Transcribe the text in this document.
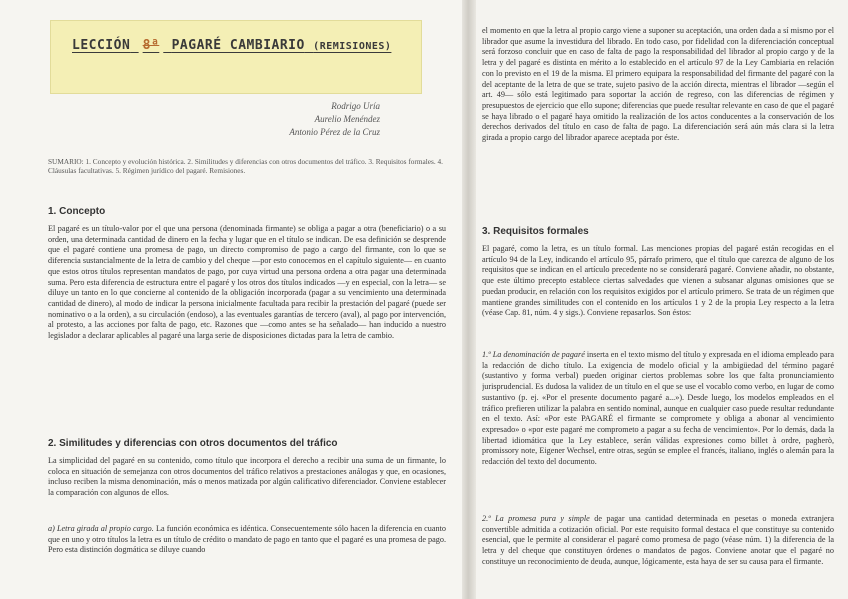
LECCIÓN 8ª PAGARÉ CAMBIARIO (REMISIONES)
Rodrigo Uría
Aurelio Menéndez
Antonio Pérez de la Cruz
SUMARIO: 1. Concepto y evolución histórica. 2. Similitudes y diferencias con otros documentos del tráfico. 3. Requisitos formales. 4. Cláusulas facultativas. 5. Régimen jurídico del pagaré. Remisiones.
1. Concepto
El pagaré es un título-valor por el que una persona (denominada firmante) se obliga a pagar a otra (beneficiario) o a su orden, una determinada cantidad de dinero en la fecha y lugar que en el título se indican. De esa definición se desprende que el pagaré contiene una promesa de pago, un directo compromiso de pago a cargo del firmante, con lo que se diferencia sustancialmente de la letra de cambio y del cheque —por esto conocemos en el capítulo siguiente— en cuanto que estos otros títulos representan mandatos de pago, por cuya virtud una persona ordena a otra pagar una determinada suma. Pero esta diferencia de estructura entre el pagaré y los otros dos títulos indicados —y en especial, con la letra— se diluye un tanto en lo que concierne al contenido de la obligación incorporada (pagar a su vencimiento una determinada cantidad de dinero), al modo de indicar la persona inicialmente facultada para recibir la prestación del pagaré (puede ser nominativo o a la orden), a su circulación (endoso), a las eventuales garantías de tercero (aval), al pago por intervención, al protesto, a las acciones por falta de pago, etc. Razones que —como antes se ha señalado— han inducido a nuestro legislador a declarar aplicables al pagaré una larga serie de disposiciones dictadas para la letra de cambio.
2. Similitudes y diferencias con otros documentos del tráfico
La simplicidad del pagaré en su contenido, como título que incorpora el derecho a recibir una suma de un firmante, lo coloca en situación de semejanza con otros documentos del tráfico relativos a prestaciones análogas y que, en ocasiones, incluso reciben la misma denominación, más o menos matizada por algún calificativo diferenciador. Conviene establecer la comparación con algunos de ellos.
a) Letra girada al propio cargo. La función económica es idéntica. Consecuentemente sólo hacen la diferencia en cuanto que en uno y otro títulos la letra es un título de crédito o mandato de pago en tanto que el pagaré es una promesa de pago. Pero esta distinción dogmática se diluye cuando
el momento en que la letra al propio cargo viene a suponer su aceptación, una orden dada a sí mismo por el librador que asume la investidura del librado. En todo caso, por fidelidad con la diferenciación conceptual será forzoso concluir que en caso de falta de pago la responsabilidad del librador al propio cargo y de la letra y del pagaré es distinta en mérito a lo establecido en el artículo 97 de la Ley Cambiaria en relación con lo previsto en el 19 de la misma. El primero equipara la responsabilidad del firmante del pagaré con la del aceptante de la letra de que se trate, sujeto pasivo de la acción directa, mientras el librador —según el art. 49— sólo está legitimado para soportar la acción de regreso, con las diferencias de régimen y presupuestos de ejercicio que ello supone; diferencias que puede resultar relevante en caso de que el pagaré se haya librado o el pagaré haya omitido la realización de los actos conducentes a la conservación de los derechos derivados del título en caso de falta de pago. La diferenciación será aún más clara si la letra girada a propio cargo del librador aparece aceptada por éste.
3. Requisitos formales
El pagaré, como la letra, es un título formal. Las menciones propias del pagaré están recogidas en el artículo 94 de la Ley, indicando el artículo 95, párrafo primero, que el título que carezca de alguno de los requisitos que se indican en el artículo precedente no se considerará pagaré. Conviene añadir, no obstante, que este último precepto establece ciertas salvedades que vienen a subsanar algunas omisiones que se puedan producir, en relación con los requisitos exigidos por el artículo primero. Se trata de un régimen que mantiene grandes similitudes con el contenido en los artículos 1 y 2 de la propia Ley respecto a la letra (véase Cap. 81, núm. 4 y sigs.). Conviene repasarlos. Son éstos:
1.º La denominación de pagaré inserta en el texto mismo del título y expresada en el idioma empleado para la redacción de dicho título. La exigencia de modelo oficial y la ambigüedad del término pagaré (sustantivo y forma verbal) pueden originar ciertos problemas sobre los que falta pronunciamiento jurisprudencial. Es dudosa la validez de un título en el que se use el vocablo como verbo, en lugar de como sustantivo (p. ej. «Por el presente documento pagaré a...»). Desde luego, los modelos empleados en el tráfico prefieren utilizar la palabra en sentido nominal, aunque en cualquier caso puede resultar redundante en el texto. Así: «Por este PAGARÉ el firmante se compromete y obliga a abonar al vencimiento expresado» o «por este pagaré me comprometo a pagar a su fecha de vencimiento». Por lo demás, dada la libertad idiomática que la Ley establece, serán válidas expresiones como billet à ordre, pagherò, promissory note, Eigener Wechsel, entre otras, según se emplee el francés, italiano, inglés o alemán para la redacción del texto del documento.
2.º La promesa pura y simple de pagar una cantidad determinada en pesetas o moneda extranjera convertible admitida a cotización oficial. Por este requisito formal destaca el que constituye su contenido esencial, que le permite al considerar el pagaré como promesa de pago (véase núm. 1) la diferencia de la letra y del cheque que constituyen órdenes o mandatos de pagos. Conviene anotar que el pagaré no constituye un reconocimiento de deuda, aunque, lógicamente, esta haya de ser su causa para el firmante.
